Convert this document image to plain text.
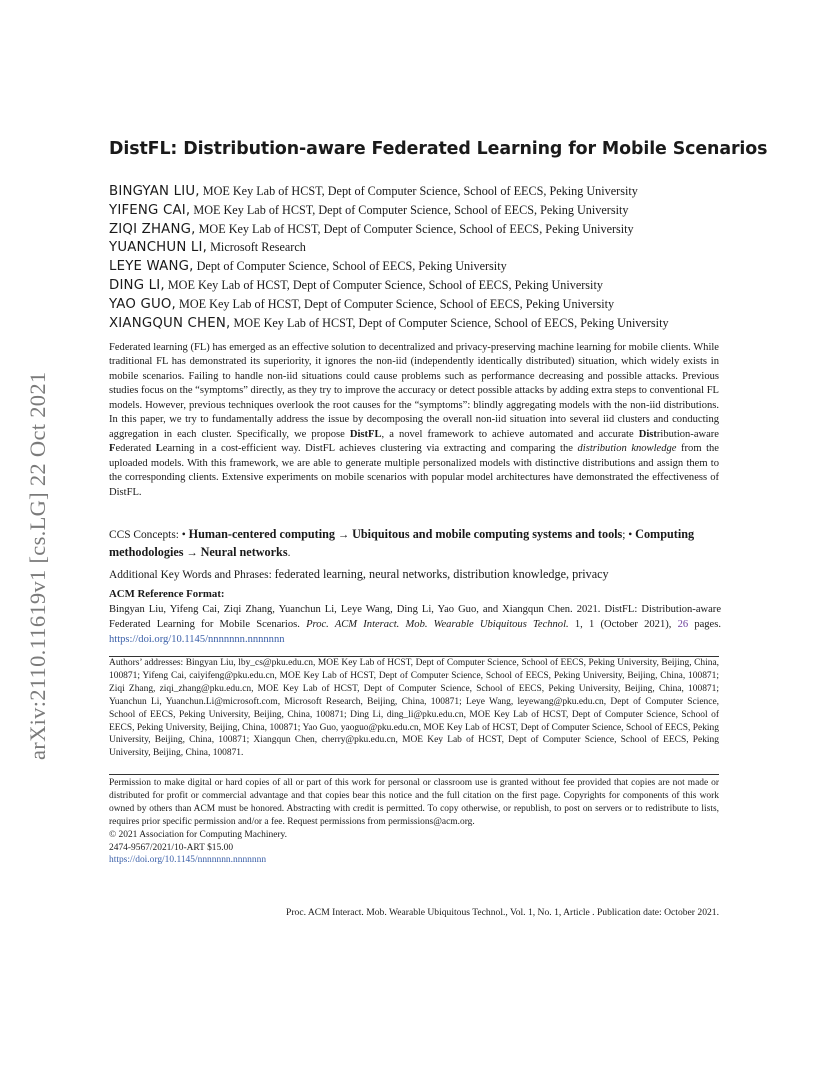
arXiv:2110.11619v1 [cs.LG] 22 Oct 2021
DistFL: Distribution-aware Federated Learning for Mobile Scenarios
BINGYAN LIU, MOE Key Lab of HCST, Dept of Computer Science, School of EECS, Peking University
YIFENG CAI, MOE Key Lab of HCST, Dept of Computer Science, School of EECS, Peking University
ZIQI ZHANG, MOE Key Lab of HCST, Dept of Computer Science, School of EECS, Peking University
YUANCHUN LI, Microsoft Research
LEYE WANG, Dept of Computer Science, School of EECS, Peking University
DING LI, MOE Key Lab of HCST, Dept of Computer Science, School of EECS, Peking University
YAO GUO, MOE Key Lab of HCST, Dept of Computer Science, School of EECS, Peking University
XIANGQUN CHEN, MOE Key Lab of HCST, Dept of Computer Science, School of EECS, Peking University
Federated learning (FL) has emerged as an effective solution to decentralized and privacy-preserving machine learning for mobile clients. While traditional FL has demonstrated its superiority, it ignores the non-iid (independently identically distributed) situation, which widely exists in mobile scenarios. Failing to handle non-iid situations could cause problems such as performance decreasing and possible attacks. Previous studies focus on the “symptoms” directly, as they try to improve the accuracy or detect possible attacks by adding extra steps to conventional FL models. However, previous techniques overlook the root causes for the “symptoms”: blindly aggregating models with the non-iid distributions. In this paper, we try to fundamentally address the issue by decomposing the overall non-iid situation into several iid clusters and conducting aggregation in each cluster. Specifically, we propose DistFL, a novel framework to achieve automated and accurate Distribution-aware Federated Learning in a cost-efficient way. DistFL achieves clustering via extracting and comparing the distribution knowledge from the uploaded models. With this framework, we are able to generate multiple personalized models with distinctive distributions and assign them to the corresponding clients. Extensive experiments on mobile scenarios with popular model architectures have demonstrated the effectiveness of DistFL.
CCS Concepts: • Human-centered computing → Ubiquitous and mobile computing systems and tools; • Computing methodologies → Neural networks.
Additional Key Words and Phrases: federated learning, neural networks, distribution knowledge, privacy
ACM Reference Format:
Bingyan Liu, Yifeng Cai, Ziqi Zhang, Yuanchun Li, Leye Wang, Ding Li, Yao Guo, and Xiangqun Chen. 2021. DistFL: Distribution-aware Federated Learning for Mobile Scenarios. Proc. ACM Interact. Mob. Wearable Ubiquitous Technol. 1, 1 (October 2021), 26 pages. https://doi.org/10.1145/nnnnnnn.nnnnnnn
Authors’ addresses: Bingyan Liu, lby_cs@pku.edu.cn, MOE Key Lab of HCST, Dept of Computer Science, School of EECS, Peking University, Beijing, China, 100871; Yifeng Cai, caiyifeng@pku.edu.cn, MOE Key Lab of HCST, Dept of Computer Science, School of EECS, Peking University, Beijing, China, 100871; Ziqi Zhang, ziqi_zhang@pku.edu.cn, MOE Key Lab of HCST, Dept of Computer Science, School of EECS, Peking University, Beijing, China, 100871; Yuanchun Li, Yuanchun.Li@microsoft.com, Microsoft Research, Beijing, China, 100871; Leye Wang, leyewang@pku.edu.cn, Dept of Computer Science, School of EECS, Peking University, Beijing, China, 100871; Ding Li, ding_li@pku.edu.cn, MOE Key Lab of HCST, Dept of Computer Science, School of EECS, Peking University, Beijing, China, 100871; Yao Guo, yaoguo@pku.edu.cn, MOE Key Lab of HCST, Dept of Computer Science, School of EECS, Peking University, Beijing, China, 100871; Xiangqun Chen, cherry@pku.edu.cn, MOE Key Lab of HCST, Dept of Computer Science, School of EECS, Peking University, Beijing, China, 100871.
Permission to make digital or hard copies of all or part of this work for personal or classroom use is granted without fee provided that copies are not made or distributed for profit or commercial advantage and that copies bear this notice and the full citation on the first page. Copyrights for components of this work owned by others than ACM must be honored. Abstracting with credit is permitted. To copy otherwise, or republish, to post on servers or to redistribute to lists, requires prior specific permission and/or a fee. Request permissions from permissions@acm.org.
© 2021 Association for Computing Machinery.
2474-9567/2021/10-ART $15.00
https://doi.org/10.1145/nnnnnnn.nnnnnnn
Proc. ACM Interact. Mob. Wearable Ubiquitous Technol., Vol. 1, No. 1, Article . Publication date: October 2021.
